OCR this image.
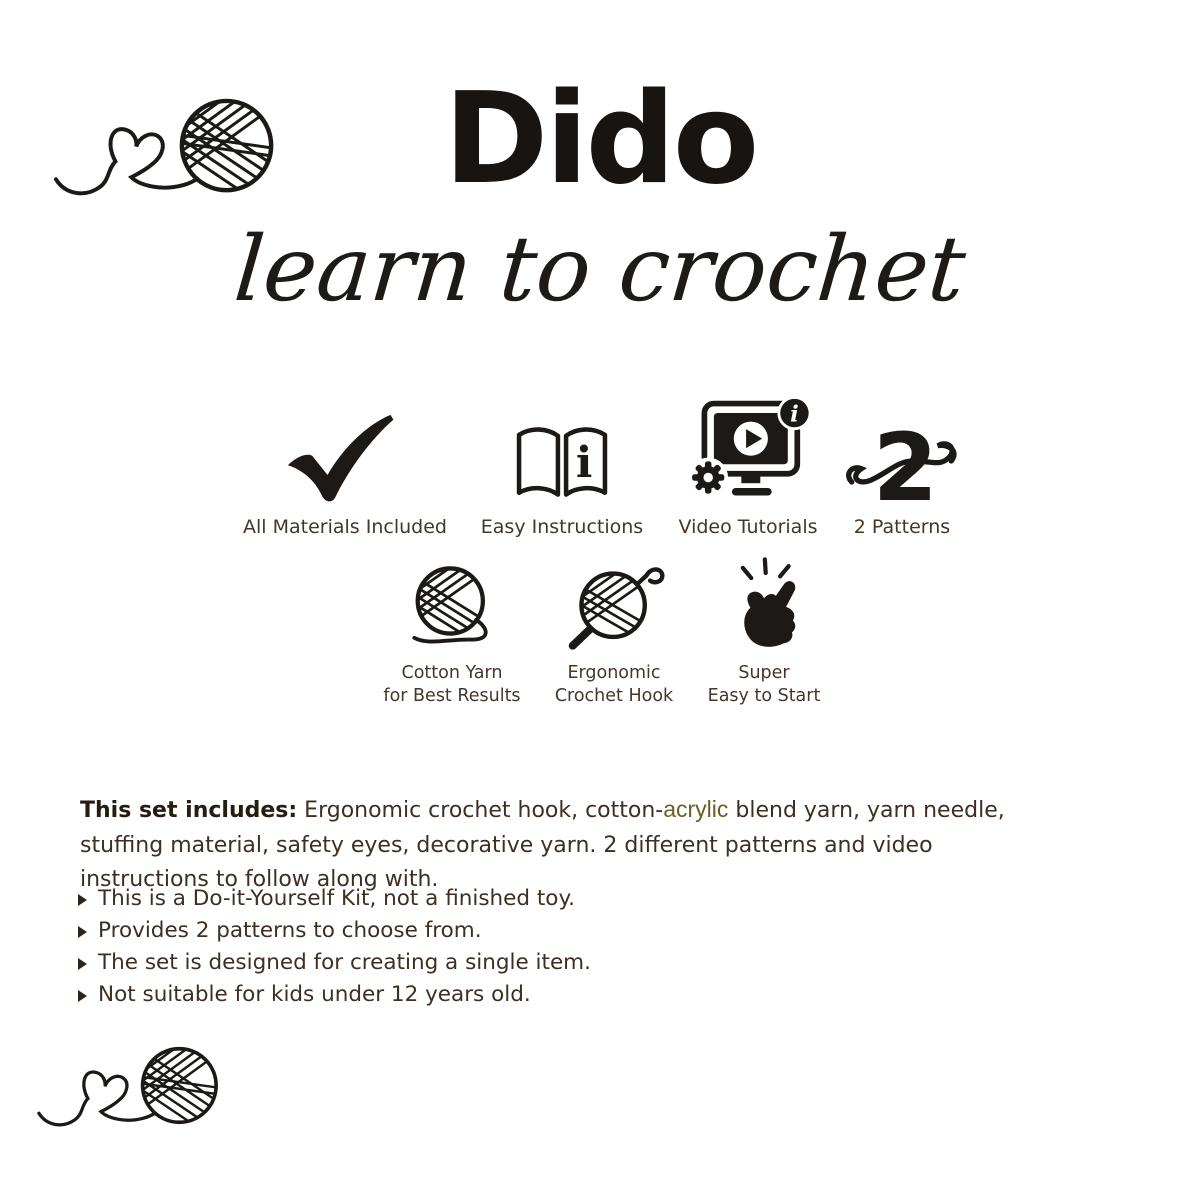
Dido
learn to crochet
All Materials Included
i
Easy Instructions
i
Video Tutorials
2
2 Patterns
Cotton Yarn
for Best Results
Ergonomic
Crochet Hook
Super
Easy to Start

This set includes: Ergonomic crochet hook, cotton-acrylic blend yarn, yarn needle, stuffing material, safety eyes, decorative yarn. 2 different patterns and video instructions to follow along with.

This is a Do-it-Yourself Kit, not a finished toy.
Provides 2 patterns to choose from.
The set is designed for creating a single item.
Not suitable for kids under 12 years old.
